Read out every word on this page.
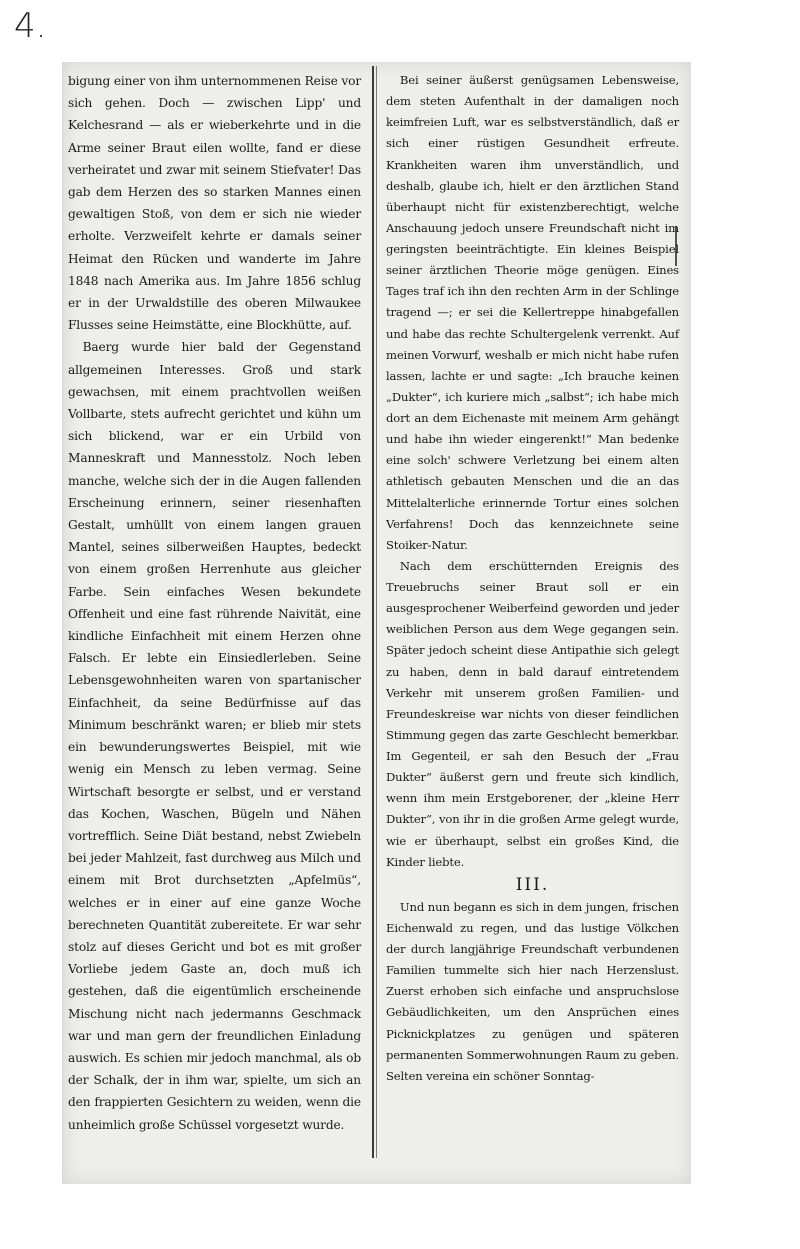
4.

bigung einer von ihm unternommenen Reise vor sich gehen. Doch — zwischen Lipp' und Kelchesrand — als er wieberkehrte und in die Arme seiner Braut eilen wollte, fand er diese verheiratet und zwar mit seinem Stiefvater! Das gab dem Herzen des so starken Mannes einen gewaltigen Stoß, von dem er sich nie wieder erholte. Verzweifelt kehrte er damals seiner Heimat den Rücken und wanderte im Jahre 1848 nach Amerika aus. Im Jahre 1856 schlug er in der Urwaldstille des oberen Milwaukee Flusses seine Heimstätte, eine Blockhütte, auf.

Baerg wurde hier bald der Gegenstand allgemeinen Interesses. Groß und stark gewachsen, mit einem prachtvollen weißen Vollbarte, stets aufrecht gerichtet und kühn um sich blickend, war er ein Urbild von Manneskraft und Mannesstolz. Noch leben manche, welche sich der in die Augen fallenden Erscheinung erinnern, seiner riesenhaften Gestalt, umhüllt von einem langen grauen Mantel, seines silberweißen Hauptes, bedeckt von einem großen Herrenhute aus gleicher Farbe. Sein einfaches Wesen bekundete Offenheit und eine fast rührende Naivität, eine kindliche Einfachheit mit einem Herzen ohne Falsch. Er lebte ein Einsiedlerleben. Seine Lebensgewohnheiten waren von spartanischer Einfachheit, da seine Bedürfnisse auf das Minimum beschränkt waren; er blieb mir stets ein bewunderungswertes Beispiel, mit wie wenig ein Mensch zu leben vermag. Seine Wirtschaft besorgte er selbst, und er verstand das Kochen, Waschen, Bügeln und Nähen vortrefflich. Seine Diät bestand, nebst Zwiebeln bei jeder Mahlzeit, fast durchweg aus Milch und einem mit Brot durchsetzten „Apfelmüs“, welches er in einer auf eine ganze Woche berechneten Quantität zubereitete. Er war sehr stolz auf dieses Gericht und bot es mit großer Vorliebe jedem Gaste an, doch muß ich gestehen, daß die eigentümlich erscheinende Mischung nicht nach jedermanns Geschmack war und man gern der freundlichen Einladung auswich. Es schien mir jedoch manchmal, als ob der Schalk, der in ihm war, spielte, um sich an den frappierten Gesichtern zu weiden, wenn die unheimlich große Schüssel vorgesetzt wurde.

Bei seiner äußerst genügsamen Lebensweise, dem steten Aufenthalt in der damaligen noch keimfreien Luft, war es selbstverständlich, daß er sich einer rüstigen Gesundheit erfreute. Krankheiten waren ihm unverständlich, und deshalb, glaube ich, hielt er den ärztlichen Stand überhaupt nicht für existenzberechtigt, welche Anschauung jedoch unsere Freundschaft nicht im geringsten beeinträchtigte. Ein kleines Beispiel seiner ärztlichen Theorie möge genügen. Eines Tages traf ich ihn den rechten Arm in der Schlinge tragend —; er sei die Kellertreppe hinabgefallen und habe das rechte Schultergelenk verrenkt. Auf meinen Vorwurf, weshalb er mich nicht habe rufen lassen, lachte er und sagte: „Ich brauche keinen „Dukter“, ich kuriere mich „salbst“; ich habe mich dort an dem Eichenaste mit meinem Arm gehängt und habe ihn wieder eingerenkt!“ Man bedenke eine solch' schwere Verletzung bei einem alten athletisch gebauten Menschen und die an das Mittelalterliche erinnernde Tortur eines solchen Verfahrens! Doch das kennzeichnete seine Stoiker-Natur.

Nach dem erschütternden Ereignis des Treuebruchs seiner Braut soll er ein ausgesprochener Weiberfeind geworden und jeder weiblichen Person aus dem Wege gegangen sein. Später jedoch scheint diese Antipathie sich gelegt zu haben, denn in bald darauf eintretendem Verkehr mit unserem großen Familien- und Freundeskreise war nichts von dieser feindlichen Stimmung gegen das zarte Geschlecht bemerkbar. Im Gegenteil, er sah den Besuch der „Frau Dukter“ äußerst gern und freute sich kindlich, wenn ihm mein Erstgeborener, der „kleine Herr Dukter“, von ihr in die großen Arme gelegt wurde, wie er überhaupt, selbst ein großes Kind, die Kinder liebte.

III.

Und nun begann es sich in dem jungen, frischen Eichenwald zu regen, und das lustige Völkchen der durch langjährige Freundschaft verbundenen Familien tummelte sich hier nach Herzenslust. Zuerst erhoben sich einfache und anspruchslose Gebäudlichkeiten, um den Ansprüchen eines Picknickplatzes zu genügen und späteren permanenten Sommerwohnungen Raum zu geben. Selten vereina ein schöner Sonntag-
